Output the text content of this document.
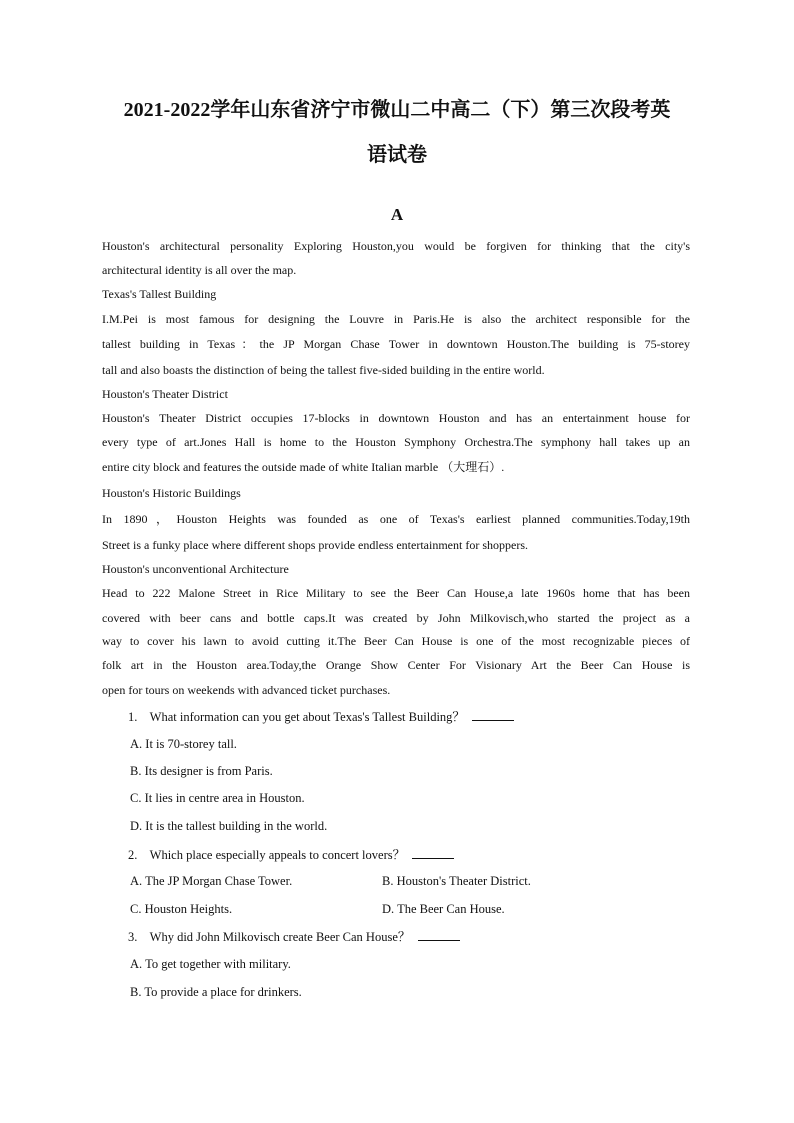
2021-2022学年山东省济宁市微山二中高二（下）第三次段考英
语试卷
A
Houston's architectural personality Exploring Houston,you would be forgiven for thinking that the city's
architectural identity is all over the map.
Texas's Tallest Building
I.M.Pei is most famous for designing the Louvre in Paris.He is also the architect responsible for the
tallest building in Texas：the JP Morgan Chase Tower in downtown Houston.The building is 75-storey
tall and also boasts the distinction of being the tallest five-sided building in the entire world.
Houston's Theater District
Houston's Theater District occupies 17-blocks in downtown Houston and has an entertainment house for
every type of art.Jones Hall is home to the Houston Symphony Orchestra.The symphony hall takes up an
entire city block and features the outside made of white Italian marble （大理石）.
Houston's Historic Buildings
In 1890，Houston Heights was founded as one of Texas's earliest planned communities.Today,19th
Street is a funky place where different shops provide endless entertainment for shoppers.
Houston's unconventional Architecture
Head to 222 Malone Street in Rice Military to see the Beer Can House,a late 1960s home that has been
covered with beer cans and bottle caps.It was created by John Milkovisch,who started the project as a
way to cover his lawn to avoid cutting it.The Beer Can House is one of the most recognizable pieces of
folk art in the Houston area.Today,the Orange Show Center For Visionary Art the Beer Can House is
open for tours on weekends with advanced ticket purchases.
1. What information can you get about Texas's Tallest Building？
A. It is 70-storey tall.
B. Its designer is from Paris.
C. It lies in centre area in Houston.
D. It is the tallest building in the world.
2. Which place especially appeals to concert lovers？
A. The JP Morgan Chase Tower.	B. Houston's Theater District.
C. Houston Heights.	D. The Beer Can House.
3. Why did John Milkovisch create Beer Can House？
A. To get together with military.
B. To provide a place for drinkers.
